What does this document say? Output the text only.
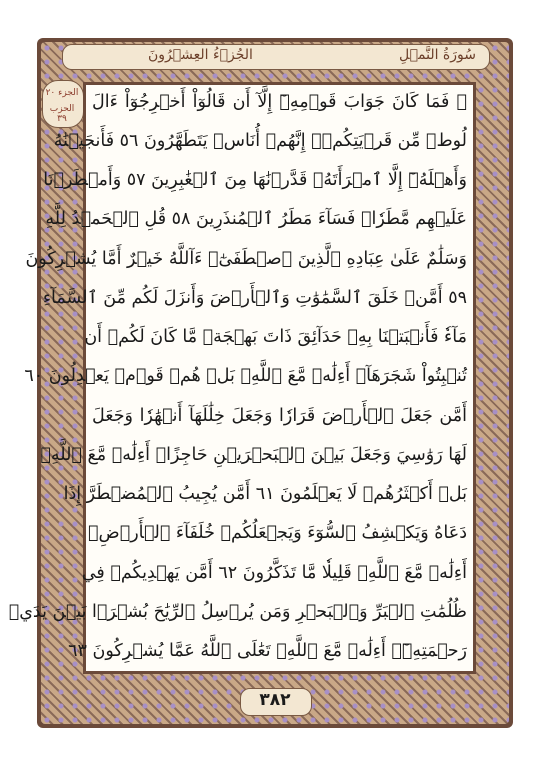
سُورَةُ النَّمۡلِ
الجُزۡءُ العِشۡرُونَ
الجزء ٢٠
الحزب ٣٩
۞ فَمَا كَانَ جَوَابَ قَوۡمِهِۦٓ إِلَّآ أَن قَالُوٓاْ أَخۡرِجُوٓاْ ءَالَ
لُوطٖ مِّن قَرۡيَتِكُمۡۖ إِنَّهُمۡ أُنَاسٞ يَتَطَهَّرُونَ ٥٦ فَأَنجَيۡنَٰهُ
وَأَهۡلَهُۥٓ إِلَّا ٱمۡرَأَتَهُۥ قَدَّرۡنَٰهَا مِنَ ٱلۡغَٰبِرِينَ ٥٧ وَأَمۡطَرۡنَا
عَلَيۡهِم مَّطَرٗاۖ فَسَآءَ مَطَرُ ٱلۡمُنذَرِينَ ٥٨ قُلِ ٱلۡحَمۡدُ لِلَّهِ
وَسَلَٰمٌ عَلَىٰ عِبَادِهِ ٱلَّذِينَ ٱصۡطَفَىٰٓۗ ءَآللَّهُ خَيۡرٌ أَمَّا يُشۡرِكُونَ
٥٩ أَمَّنۡ خَلَقَ ٱلسَّمَٰوَٰتِ وَٱلۡأَرۡضَ وَأَنزَلَ لَكُم مِّنَ ٱلسَّمَآءِ
مَآءٗ فَأَنۢبَتۡنَا بِهِۦ حَدَآئِقَ ذَاتَ بَهۡجَةٖ مَّا كَانَ لَكُمۡ أَن
تُنۢبِتُواْ شَجَرَهَآۗ أَءِلَٰهٞ مَّعَ ٱللَّهِۚ بَلۡ هُمۡ قَوۡمٞ يَعۡدِلُونَ ٦٠
أَمَّن جَعَلَ ٱلۡأَرۡضَ قَرَارٗا وَجَعَلَ خِلَٰلَهَآ أَنۡهَٰرٗا وَجَعَلَ
لَهَا رَوَٰسِيَ وَجَعَلَ بَيۡنَ ٱلۡبَحۡرَيۡنِ حَاجِزًاۗ أَءِلَٰهٞ مَّعَ ٱللَّهِۚ
بَلۡ أَكۡثَرُهُمۡ لَا يَعۡلَمُونَ ٦١ أَمَّن يُجِيبُ ٱلۡمُضۡطَرَّ إِذَا
دَعَاهُ وَيَكۡشِفُ ٱلسُّوٓءَ وَيَجۡعَلُكُمۡ خُلَفَآءَ ٱلۡأَرۡضِۗ
أَءِلَٰهٞ مَّعَ ٱللَّهِۚ قَلِيلٗا مَّا تَذَكَّرُونَ ٦٢ أَمَّن يَهۡدِيكُمۡ فِي
ظُلُمَٰتِ ٱلۡبَرِّ وَٱلۡبَحۡرِ وَمَن يُرۡسِلُ ٱلرِّيَٰحَ بُشۡرَۢا بَيۡنَ يَدَيۡ
رَحۡمَتِهِۦٓۗ أَءِلَٰهٞ مَّعَ ٱللَّهِۚ تَعَٰلَى ٱللَّهُ عَمَّا يُشۡرِكُونَ ٦٣
٣٨٢
